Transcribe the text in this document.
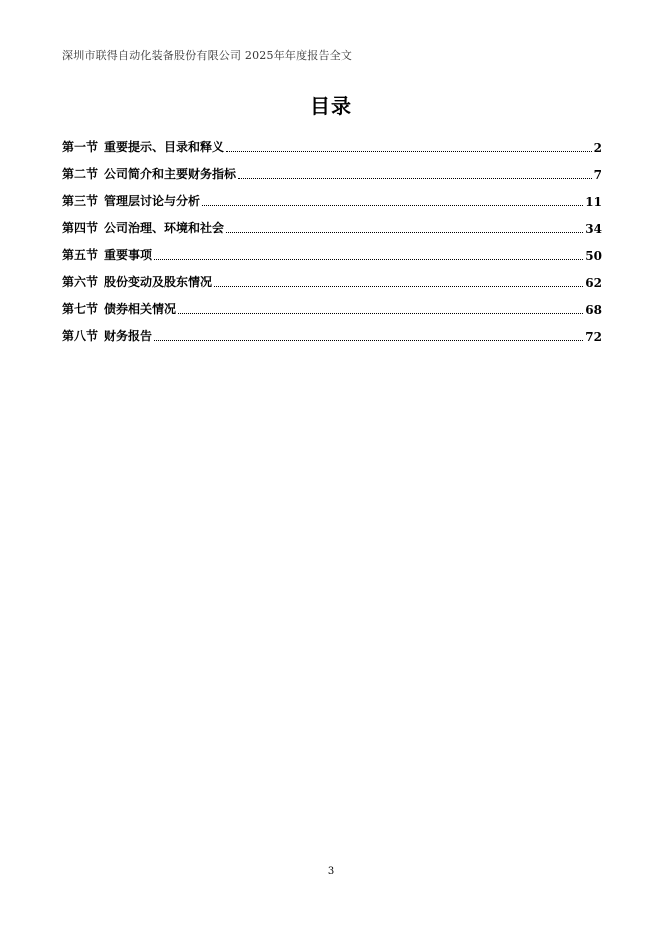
深圳市联得自动化装备股份有限公司 2025年年度报告全文
目录
第一节 重要提示、目录和释义	2
第二节 公司简介和主要财务指标	7
第三节 管理层讨论与分析	11
第四节 公司治理、环境和社会	34
第五节 重要事项	50
第六节 股份变动及股东情况	62
第七节 债券相关情况	68
第八节 财务报告	72
3
